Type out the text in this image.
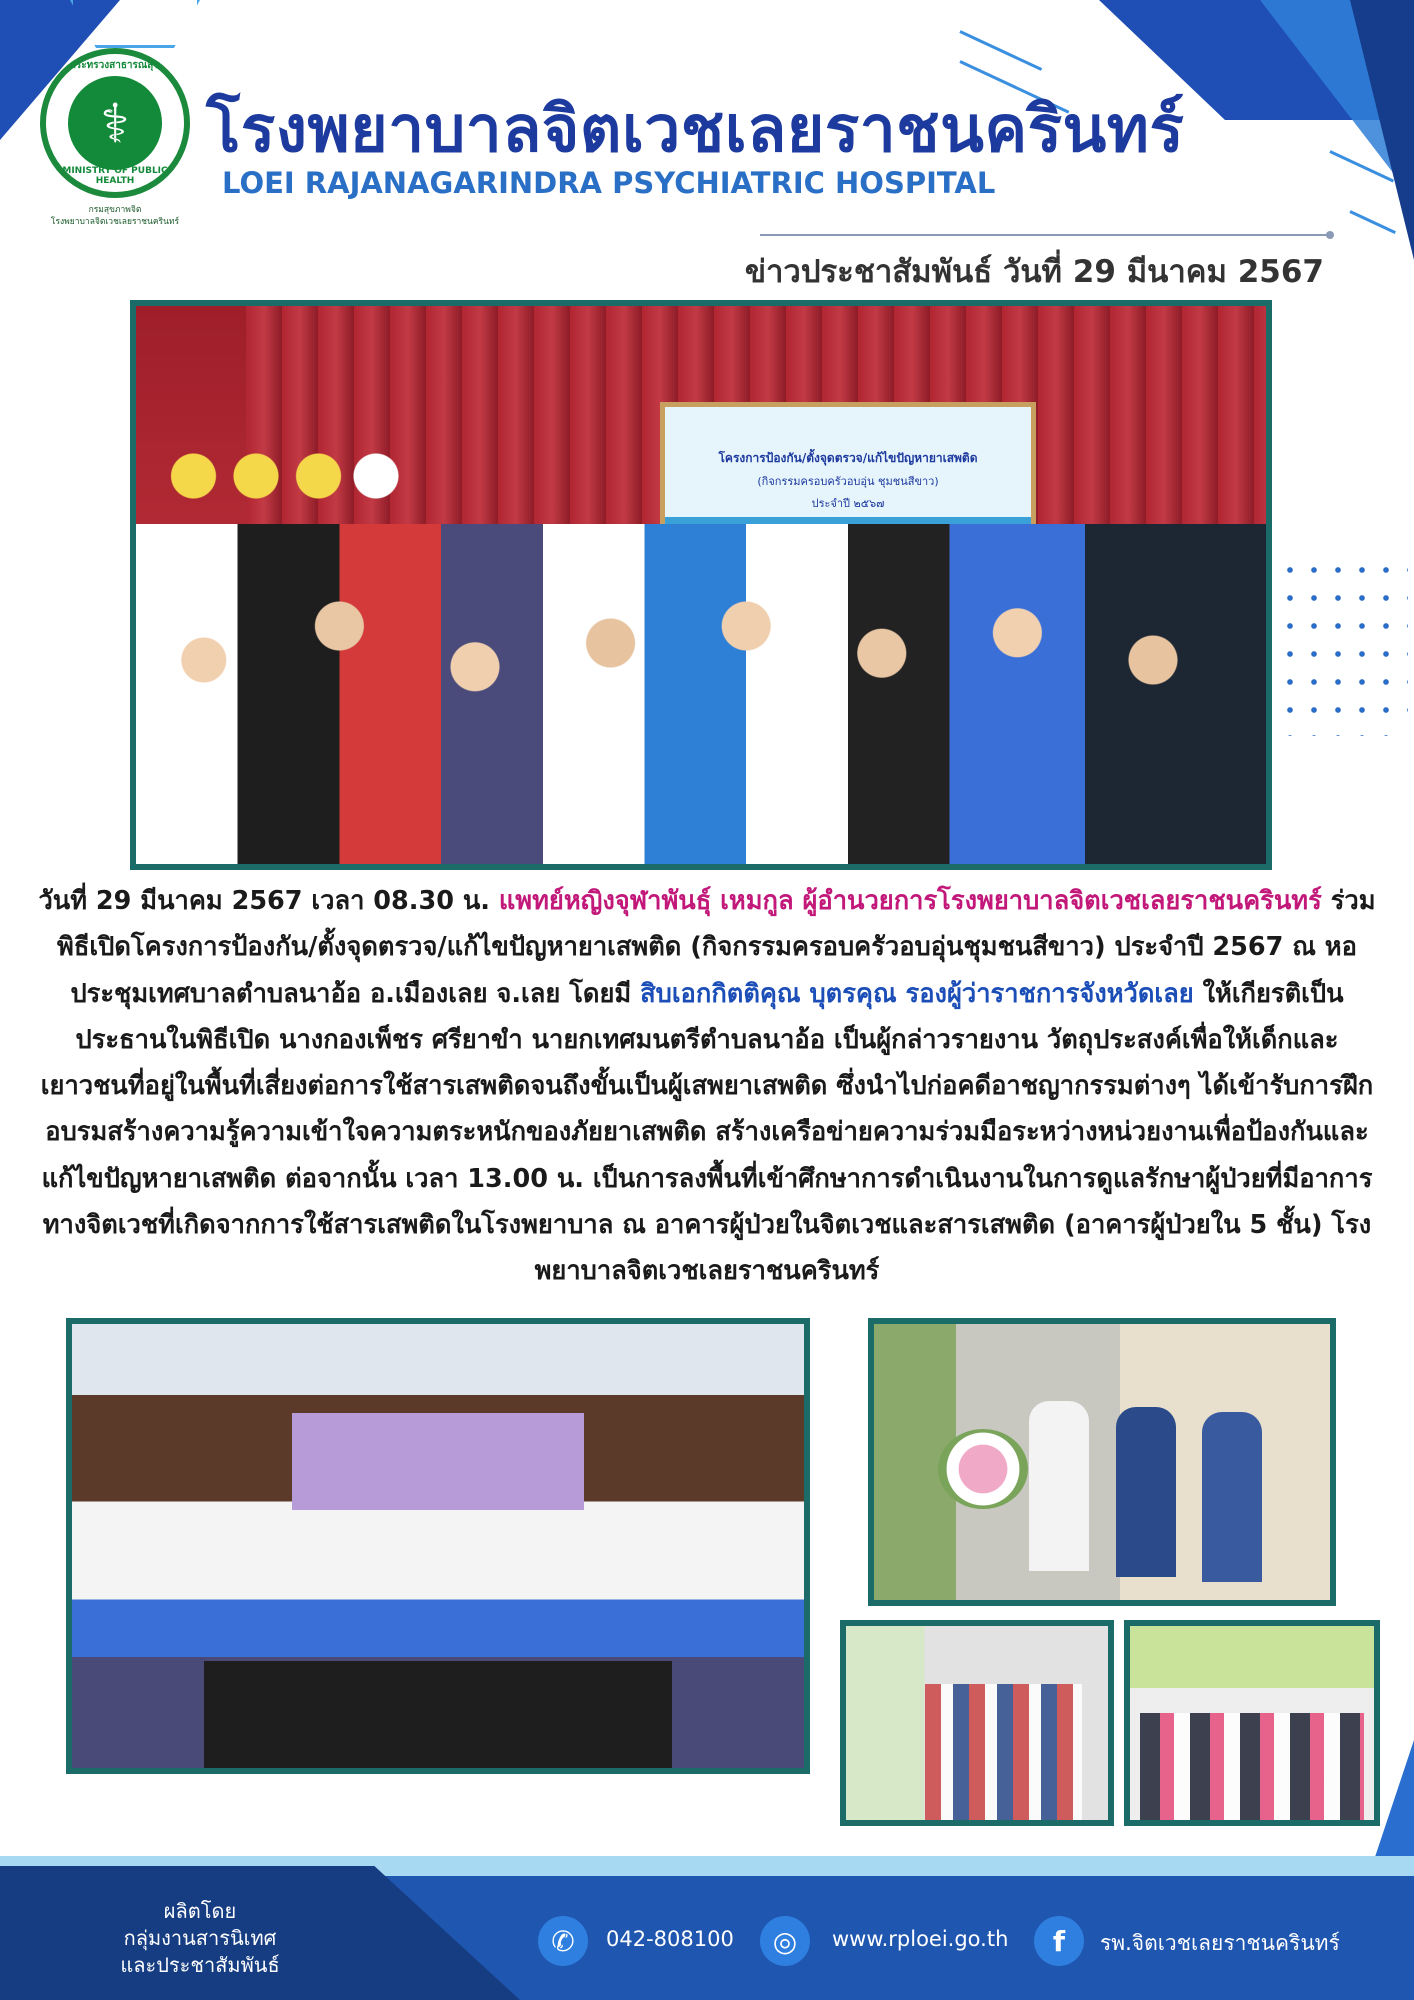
กระทรวงสาธารณสุข
⚕
MINISTRY OF PUBLIC HEALTH
กรมสุขภาพจิต
โรงพยาบาลจิตเวชเลยราชนครินทร์
โรงพยาบาลจิตเวชเลยราชนครินทร์
LOEI RAJANAGARINDRA PSYCHIATRIC HOSPITAL
ข่าวประชาสัมพันธ์ วันที่ 29 มีนาคม 2567
โครงการป้องกัน/ตั้งจุดตรวจ/แก้ไขปัญหายาเสพติด
(กิจกรรมครอบครัวอบอุ่น ชุมชนสีขาว)
ประจำปี ๒๕๖๗
วันที่ 29 มีนาคม 2567 เวลา 08.30 น. แพทย์หญิงจุฬาพันธุ์ เหมกูล ผู้อำนวยการโรงพยาบาลจิตเวชเลยราชนครินทร์ ร่วมพิธีเปิดโครงการป้องกัน/ตั้งจุดตรวจ/แก้ไขปัญหายาเสพติด (กิจกรรมครอบครัวอบอุ่นชุมชนสีขาว) ประจำปี 2567 ณ หอประชุมเทศบาลตำบลนาอ้อ อ.เมืองเลย จ.เลย โดยมี สิบเอกกิตติคุณ บุตรคุณ รองผู้ว่าราชการจังหวัดเลย ให้เกียรติเป็นประธานในพิธีเปิด นางกองเพ็ชร ศรียาขำ นายกเทศมนตรีตำบลนาอ้อ เป็นผู้กล่าวรายงาน วัตถุประสงค์เพื่อให้เด็กและเยาวชนที่อยู่ในพื้นที่เสี่ยงต่อการใช้สารเสพติดจนถึงขั้นเป็นผู้เสพยาเสพติด ซึ่งนำไปก่อคดีอาชญากรรมต่างๆ ได้เข้ารับการฝึกอบรมสร้างความรู้ความเข้าใจความตระหนักของภัยยาเสพติด สร้างเครือข่ายความร่วมมือระหว่างหน่วยงานเพื่อป้องกันและแก้ไขปัญหายาเสพติด ต่อจากนั้น เวลา 13.00 น. เป็นการลงพื้นที่เข้าศึกษาการดำเนินงานในการดูแลรักษาผู้ป่วยที่มีอาการทางจิตเวชที่เกิดจากการใช้สารเสพติดในโรงพยาบาล ณ อาคารผู้ป่วยในจิตเวชและสารเสพติด (อาคารผู้ป่วยใน 5 ชั้น) โรงพยาบาลจิตเวชเลยราชนครินทร์
ผลิตโดย
กลุ่มงานสารนิเทศ
และประชาสัมพันธ์
✆	042-808100	◎	www.rploei.go.th	f	รพ.จิตเวชเลยราชนครินทร์
